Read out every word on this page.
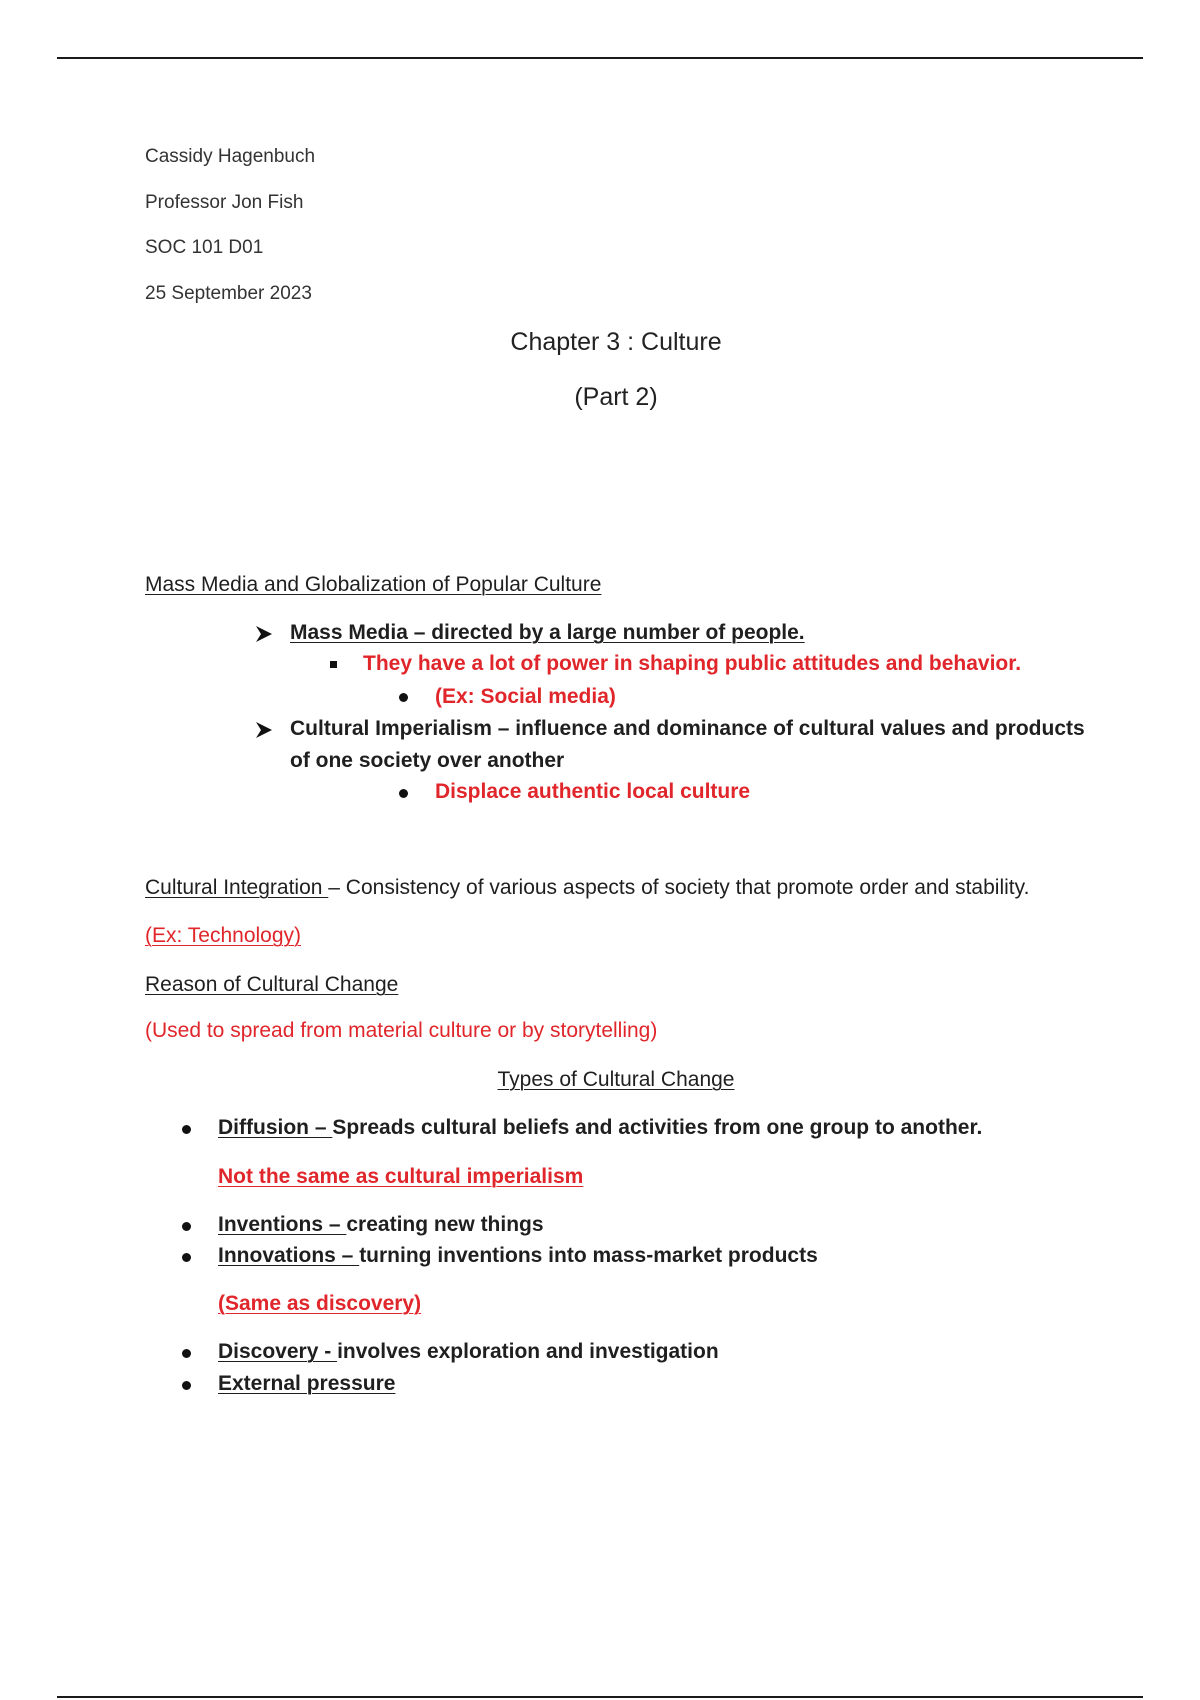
Cassidy Hagenbuch
Professor Jon Fish
SOC 101 D01
25 September 2023
Chapter 3 : Culture
(Part 2)
Mass Media and Globalization of Popular Culture
Mass Media – directed by a large number of people.
They have a lot of power in shaping public attitudes and behavior.
(Ex: Social media)
Cultural Imperialism – influence and dominance of cultural values and products
of one society over another
Displace authentic local culture
Cultural Integration – Consistency of various aspects of society that promote order and stability.
(Ex: Technology)
Reason of Cultural Change
(Used to spread from material culture or by storytelling)
Types of Cultural Change
Diffusion – Spreads cultural beliefs and activities from one group to another.
Not the same as cultural imperialism
Inventions – creating new things
Innovations – turning inventions into mass-market products
(Same as discovery)
Discovery - involves exploration and investigation
External pressure
